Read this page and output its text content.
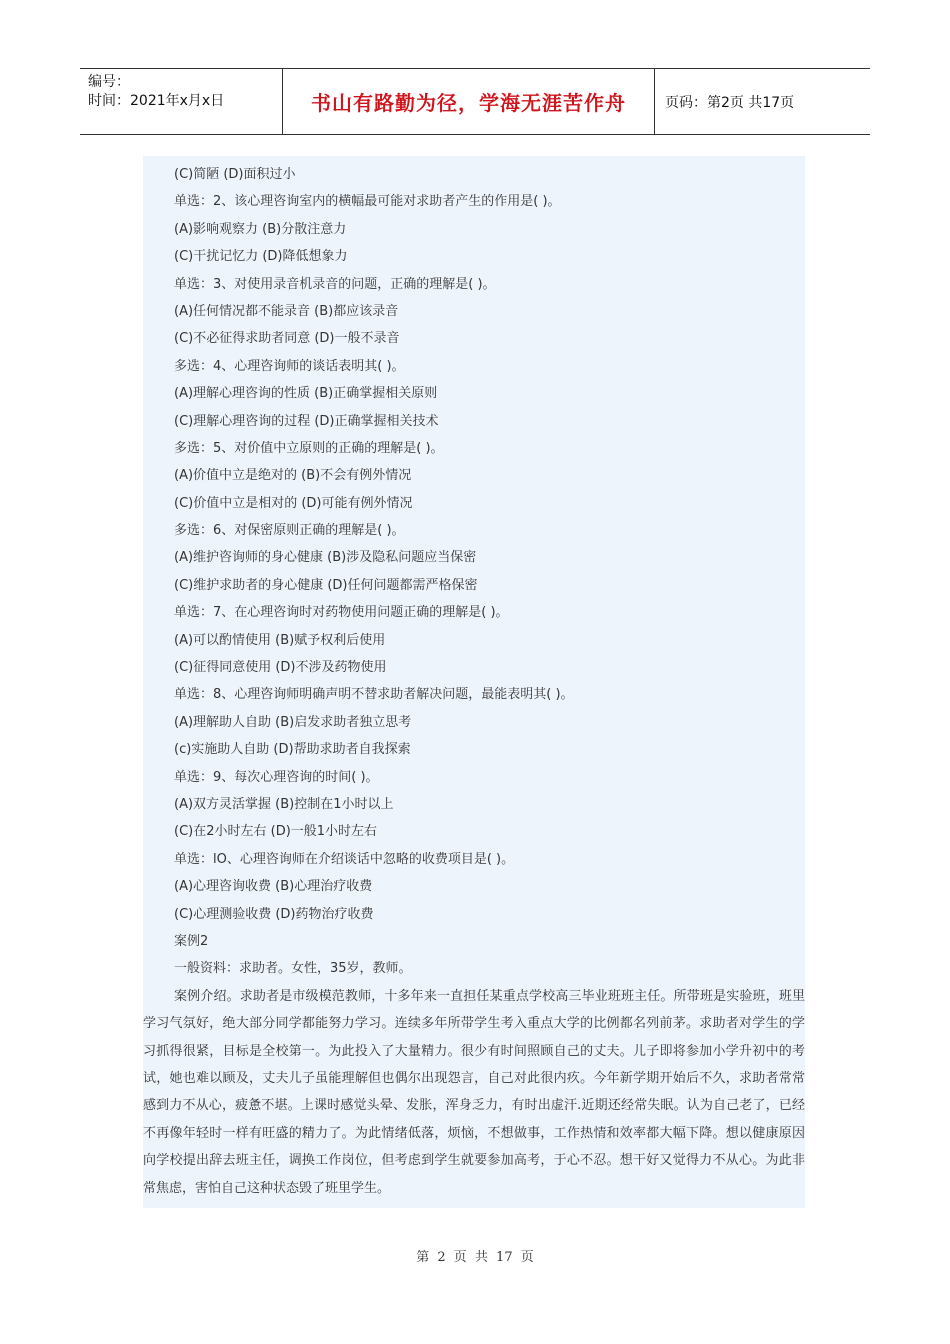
编号：
时间：2021年x月x日	书山有路勤为径，学海无涯苦作舟	页码：第2页 共17页
(C)简陋 (D)面积过小
单选：2、该心理咨询室内的横幅最可能对求助者产生的作用是( )。
(A)影响观察力 (B)分散注意力
(C)干扰记忆力 (D)降低想象力
单选：3、对使用录音机录音的问题，正确的理解是( )。
(A)任何情况都不能录音 (B)都应该录音
(C)不必征得求助者同意 (D)一般不录音
多选：4、心理咨询师的谈话表明其( )。
(A)理解心理咨询的性质 (B)正确掌握相关原则
(C)理解心理咨询的过程 (D)正确掌握相关技术
多选：5、对价值中立原则的正确的理解是( )。
(A)价值中立是绝对的 (B)不会有例外情况
(C)价值中立是相对的 (D)可能有例外情况
多选：6、对保密原则正确的理解是( )。
(A)维护咨询师的身心健康 (B)涉及隐私问题应当保密
(C)维护求助者的身心健康 (D)任何问题都需严格保密
单选：7、在心理咨询时对药物使用问题正确的理解是( )。
(A)可以酌情使用 (B)赋予权利后使用
(C)征得同意使用 (D)不涉及药物使用
单选：8、心理咨询师明确声明不替求助者解决问题，最能表明其( )。
(A)理解助人自助 (B)启发求助者独立思考
(c)实施助人自助 (D)帮助求助者自我探索
单选：9、每次心理咨询的时间( )。
(A)双方灵活掌握 (B)控制在1小时以上
(C)在2小时左右 (D)一般1小时左右
单选：lO、心理咨询师在介绍谈话中忽略的收费项目是( )。
(A)心理咨询收费 (B)心理治疗收费
(C)心理测验收费 (D)药物治疗收费
案例2
一般资料：求助者。女性，35岁，教师。
案例介绍。求助者是市级模范教师，十多年来一直担任某重点学校高三毕业班班主任。所带班是实验班，班里学习气氛好，绝大部分同学都能努力学习。连续多年所带学生考入重点大学的比例都名列前茅。求助者对学生的学习抓得很紧，目标是全校第一。为此投入了大量精力。很少有时间照顾自己的丈夫。儿子即将参加小学升初中的考试，她也难以顾及，丈夫儿子虽能理解但也偶尔出现怨言，自己对此很内疚。今年新学期开始后不久，求助者常常感到力不从心，疲惫不堪。上课时感觉头晕、发胀，浑身乏力，有时出虚汗.近期还经常失眠。认为自己老了，已经不再像年轻时一样有旺盛的精力了。为此情绪低落，烦恼，不想做事，工作热情和效率都大幅下降。想以健康原因向学校提出辞去班主任，调换工作岗位，但考虑到学生就要参加高考，于心不忍。想干好又觉得力不从心。为此非常焦虑，害怕自己这种状态毁了班里学生。
第 2 页 共 17 页
